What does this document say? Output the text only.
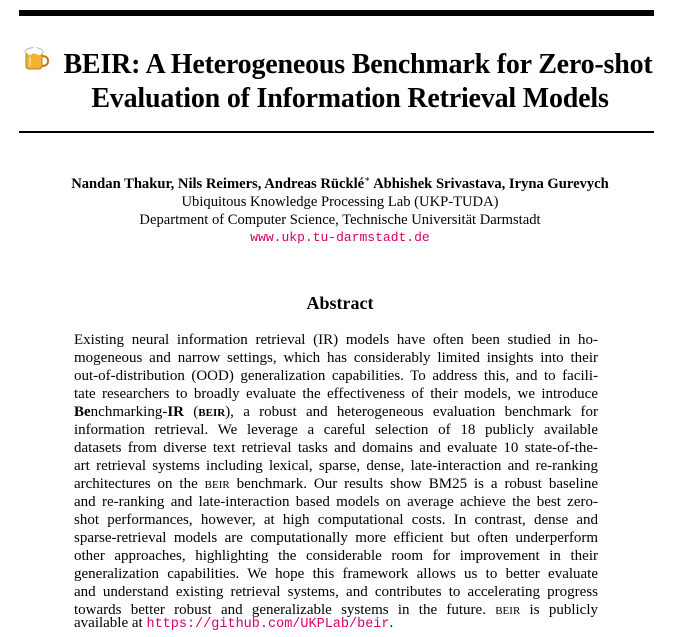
BEIR: A Heterogeneous Benchmark for Zero-shot
Evaluation of Information Retrieval Models
Nandan Thakur, Nils Reimers, Andreas Rücklé∗ Abhishek Srivastava, Iryna Gurevych
Ubiquitous Knowledge Processing Lab (UKP-TUDA)
Department of Computer Science, Technische Universität Darmstadt
www.ukp.tu-darmstadt.de
Abstract
Existing neural information retrieval (IR) models have often been studied in ho-
mogeneous and narrow settings, which has considerably limited insights into their
out-of-distribution (OOD) generalization capabilities. To address this, and to facili-
tate researchers to broadly evaluate the effectiveness of their models, we introduce
Benchmarking-IR (beir), a robust and heterogeneous evaluation benchmark for
information retrieval. We leverage a careful selection of 18 publicly available
datasets from diverse text retrieval tasks and domains and evaluate 10 state-of-the-
art retrieval systems including lexical, sparse, dense, late-interaction and re-ranking
architectures on the beir benchmark. Our results show BM25 is a robust baseline
and re-ranking and late-interaction based models on average achieve the best zero-
shot performances, however, at high computational costs. In contrast, dense and
sparse-retrieval models are computationally more efficient but often underperform
other approaches, highlighting the considerable room for improvement in their
generalization capabilities. We hope this framework allows us to better evaluate
and understand existing retrieval systems, and contributes to accelerating progress
towards better robust and generalizable systems in the future. beir is publicly
available at https://github.com/UKPLab/beir.
